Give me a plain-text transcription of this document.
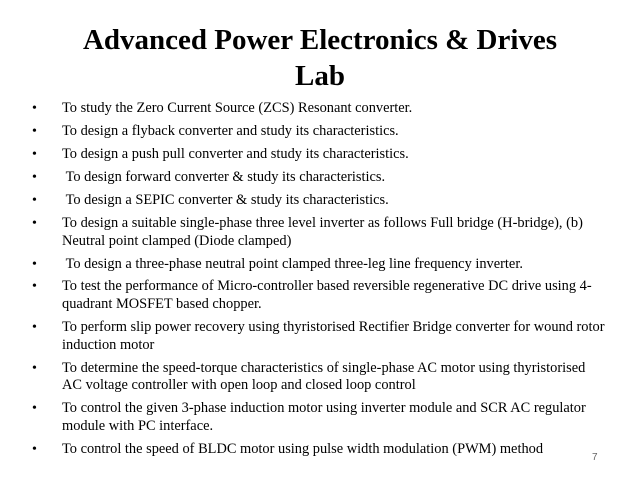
Advanced Power Electronics & Drives
Lab
• To study the Zero Current Source (ZCS) Resonant converter.
• To design a flyback converter and study its characteristics.
• To design a push pull converter and study its characteristics.
• To design forward converter & study its characteristics.
• To design a SEPIC converter & study its characteristics.
• To design a suitable single-phase three level inverter as follows Full bridge (H-bridge), (b) Neutral point clamped (Diode clamped)
• To design a three-phase neutral point clamped three-leg line frequency inverter.
• To test the performance of Micro-controller based reversible regenerative DC drive using 4-quadrant MOSFET based chopper.
• To perform slip power recovery using thyristorised Rectifier Bridge converter for wound rotor induction motor
• To determine the speed-torque characteristics of single-phase AC motor using thyristorised AC voltage controller with open loop and closed loop control
• To control the given 3-phase induction motor using inverter module and SCR AC regulator module with PC interface.
• To control the speed of BLDC motor using pulse width modulation (PWM) method
7
